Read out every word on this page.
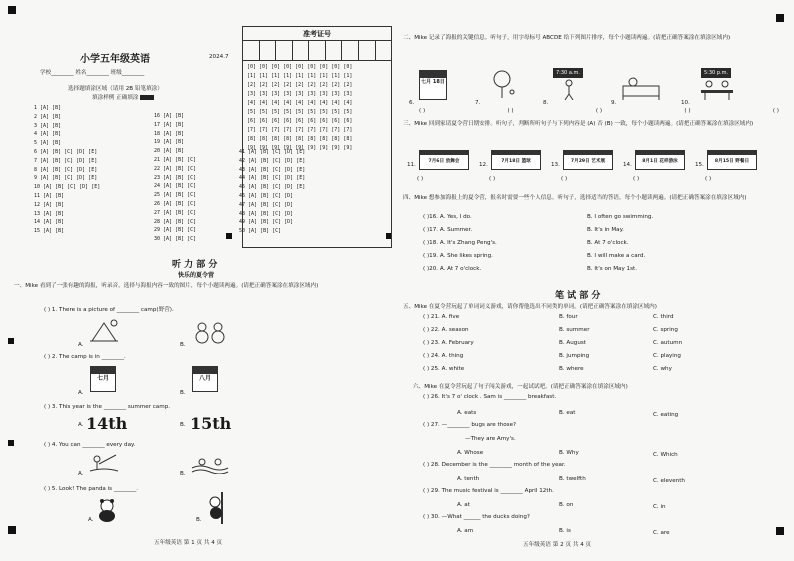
小学五年级英语	2024.7
学校________ 姓名________ 班级________
选择题填涂区域（请用 2B 铅笔填涂）
填涂样例 正确填涂
准考证号
[0] [0] [0] [0] [0] [0] [0] [0] [0]
[1] [1] [1] [1] [1] [1] [1] [1] [1]
[2] [2] [2] [2] [2] [2] [2] [2] [2]
[3] [3] [3] [3] [3] [3] [3] [3] [3]
[4] [4] [4] [4] [4] [4] [4] [4] [4]
[5] [5] [5] [5] [5] [5] [5] [5] [5]
[6] [6] [6] [6] [6] [6] [6] [6] [6]
[7] [7] [7] [7] [7] [7] [7] [7] [7]
[8] [8] [8] [8] [8] [8] [8] [8] [8]
[9] [9] [9] [9] [9] [9] [9] [9] [9]
1 [A] [B]
2 [A] [B]
3 [A] [B]
4 [A] [B]
5 [A] [B]
6 [A] [B] [C] [D] [E]
7 [A] [B] [C] [D] [E]
8 [A] [B] [C] [D] [E]
9 [A] [B] [C] [D] [E]
10 [A] [B] [C] [D] [E]
11 [A] [B]
12 [A] [B]
13 [A] [B]
14 [A] [B]
15 [A] [B]
16 [A] [B]
17 [A] [B]
18 [A] [B]
19 [A] [B]
20 [A] [B]
21 [A] [B] [C]
22 [A] [B] [C]
23 [A] [B] [C]
24 [A] [B] [C]
25 [A] [B] [C]
26 [A] [B] [C]
27 [A] [B] [C]
28 [A] [B] [C]
29 [A] [B] [C]
30 [A] [B] [C]
41 [A] [B] [C] [D] [E]
42 [A] [B] [C] [D] [E]
43 [A] [B] [C] [D] [E]
44 [A] [B] [C] [D] [E]
45 [A] [B] [C] [D] [E]
46 [A] [B] [C] [D]
47 [A] [B] [C] [D]
48 [A] [B] [C] [D]
49 [A] [B] [C] [D]
50 [A] [B] [C]
听 力 部 分
快乐的夏令营
一、Mike 看到了一张有趣的海报，听录音，选择与海报内容一致的图片，每个小题读两遍。(请把正确答案涂在填涂区域内)
( ) 1. There is a picture of ________ camp(野营).
A.	B.
( ) 2. The camp is in ________.
A.
七月
B.
八月
( ) 3. This year is the ________ summer camp.
A. 14th	B. 15th
( ) 4. You can ________ every day.
A.	B.
( ) 5. Look! The panda is ________.
A.	B.
五年级英语 第 1 页 共 4 页
二、Mike 记录了海报的关键信息。听句子，用字母标号 ABCDE 给下列图片排序，每个小题读两遍。(请把正确答案涂在填涂区域内)
6.
七月 18日
7.	8.
7:30 a.m.
9.	10.
5:30 p.m.
( )	( )	( )	( )	( )
三、Mike 回到家请夏令营日期安排。听句子，判断所听句子与下列内容是 (A) 否 (B) 一致，每个小题读两遍。(请把正确答案涂在填涂区域内)
11.
7月6日 放舞会
( )
12.
7月18日 篮球
( )
13.
7月29日 艺术展
( )
14.
8月1日 花样游泳
( )
15.
8月15日 野餐日
( )
四、Mike 想参加海报上的夏令营，报名时需要一些个人信息。听句子，选择适当的答语，每个小题读两遍。(请把正确答案涂在填涂区域内)
( )16. A. Yes, I do.	B. I often go swimming.
( )17. A. Summer.	B. It's in May.
( )18. A. It's Zhang Peng's.	B. At 7 o'clock.
( )19. A. She likes spring.	B. I will make a card.
( )20. A. At 7 o'clock.	B. It's on May 1st.
笔 试 部 分
五、Mike 在夏令营玩起了单词词义游戏，请你帮他选出不同类的单词。(请把正确答案涂在填涂区域内)
( ) 21. A. five	B. four	C. third
( ) 22. A. season	B. summer	C. spring
( ) 23. A. February	B. August	C. autumn
( ) 24. A. thing	B. jumping	C. playing
( ) 25. A. white	B. where	C. why
六、Mike 在夏令营玩起了句子闯关游戏，一起试试吧。(请把正确答案涂在填涂区域内)
( ) 26. It's 7 o' clock . Sam is ________ breakfast.
A. eats	B. eat	C. eating
( ) 27. —________ bugs are those?
—They are Amy's.
A. Whose	B. Why	C. Which
( ) 28. December is the ________ month of the year.
A. tenth	B. twelfth	C. eleventh
( ) 29. The music festival is ________ April 12th.
A. at	B. on	C. in
( ) 30. —What ______ the ducks doing?
A. am	B. is	C. are
五年级英语 第 2 页 共 4 页
